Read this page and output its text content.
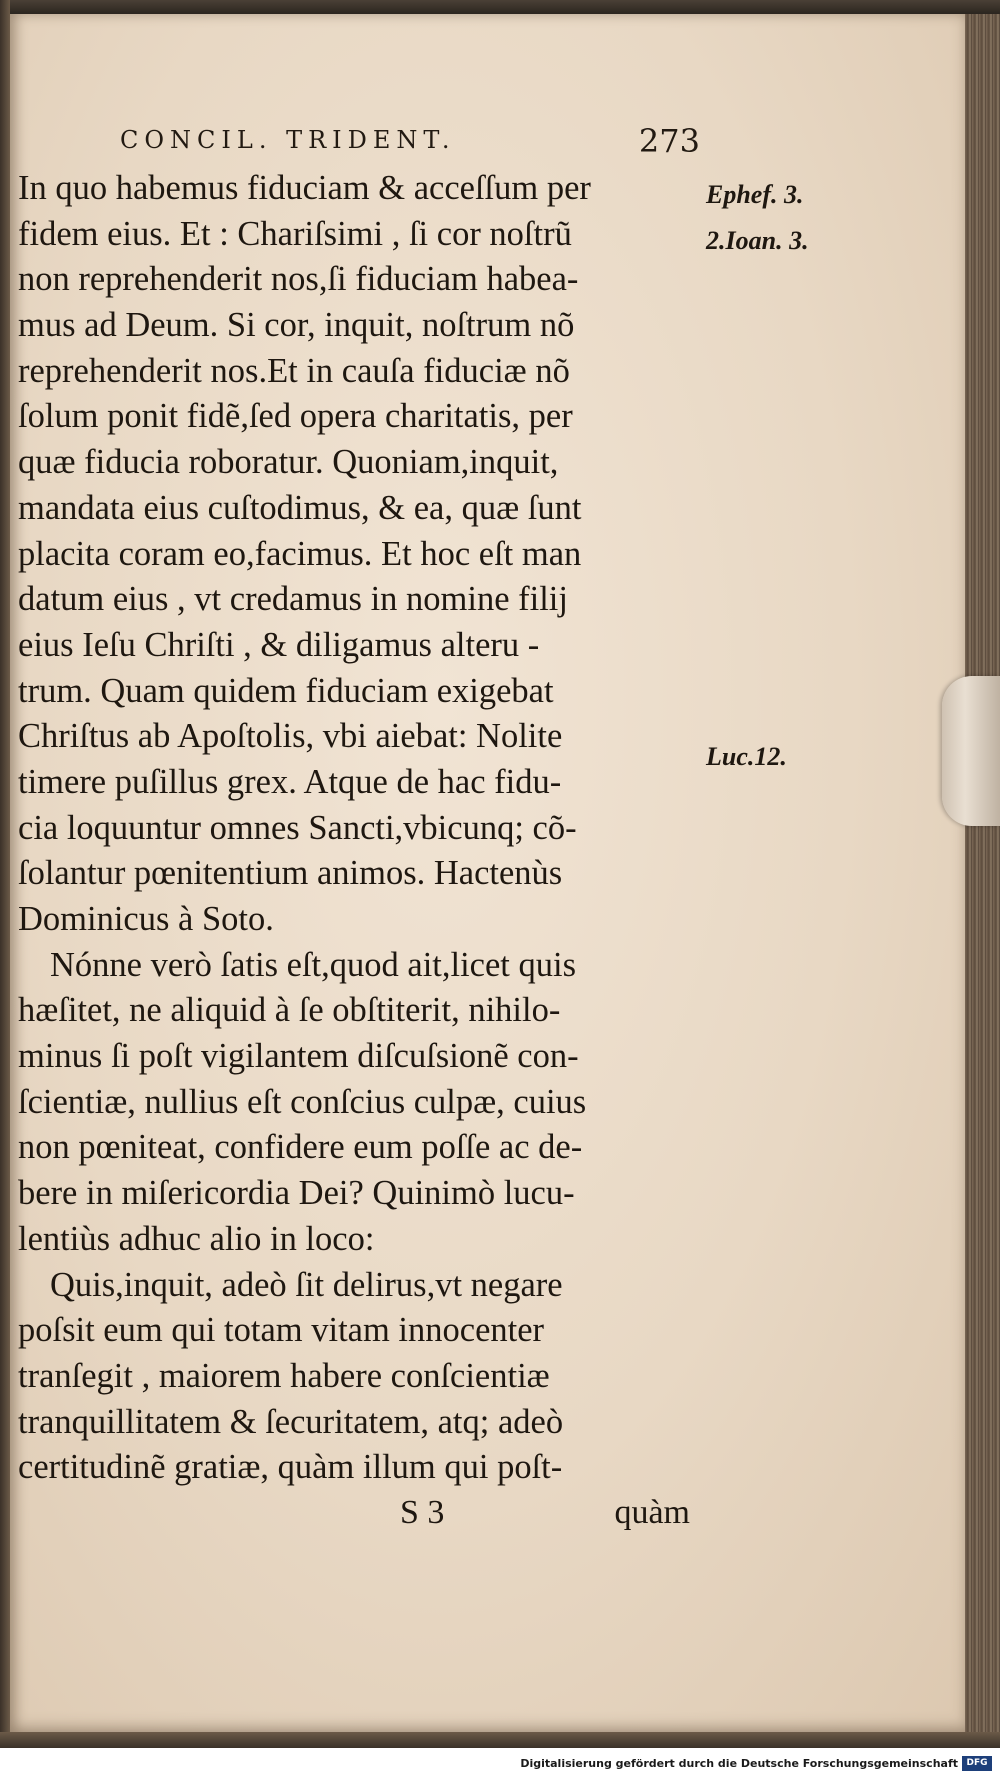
CONCIL. TRIDENT.	273
In quo habemus fiduciam & acceſſum per
fidem eius. Et : Chariſsimi , ſi cor noſtrũ
non reprehenderit nos,ſi fiduciam habea-
mus ad Deum. Si cor, inquit, noſtrum nõ
reprehenderit nos.Et in cauſa fiduciæ nõ
ſolum ponit fidẽ,ſed opera charitatis, per
quæ fiducia roboratur. Quoniam,inquit,
mandata eius cuſtodimus, & ea, quæ ſunt
placita coram eo,facimus. Et hoc eſt man
datum eius , vt credamus in nomine filij
eius Ieſu Chriſti , & diligamus alteru -
trum. Quam quidem fiduciam exigebat
Chriſtus ab Apoſtolis, vbi aiebat: Nolite
timere puſillus grex. Atque de hac fidu-
cia loquuntur omnes Sancti,vbicunq; cõ-
ſolantur pœnitentium animos. Hactenùs
Dominicus à Soto.
Nónne verò ſatis eſt,quod ait,licet quis
hæſitet, ne aliquid à ſe obſtiterit, nihilo-
minus ſi poſt vigilantem diſcuſsionẽ con-
ſcientiæ, nullius eſt conſcius culpæ, cuius
non pœniteat, confidere eum poſſe ac de-
bere in miſericordia Dei? Quinimò lucu-
lentiùs adhuc alio in loco:
Quis,inquit, adeò ſit delirus,vt negare
poſsit eum qui totam vitam innocenter
tranſegit , maiorem habere conſcientiæ
tranquillitatem & ſecuritatem, atq; adeò
certitudinẽ gratiæ, quàm illum qui poſt-
Ephef. 3.
2.Ioan. 3.
Luc.12.
S 3	quàm
Digitalisierung gefördert durch die Deutsche Forschungsgemeinschaft DFG
